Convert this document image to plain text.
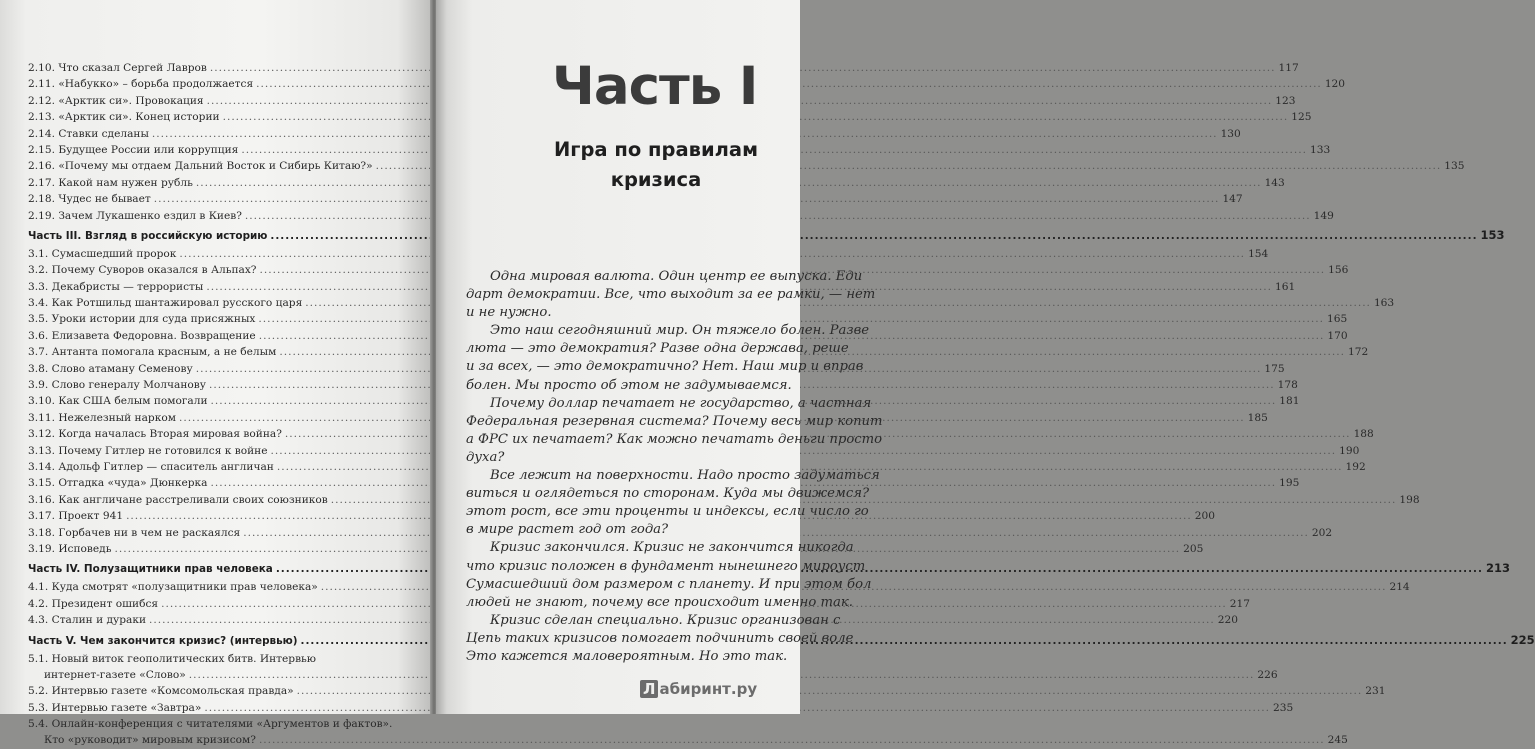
2.10. Что сказал Сергей Лавров .....	117
2.11. «Набукко» – борьба продолжается .....	120
2.12. «Арктик си». Провокация .....	123
2.13. «Арктик си». Конец истории .....	125
2.14. Ставки сделаны .....	130
2.15. Будущее России или коррупция .....	133
2.16. «Почему мы отдаем Дальний Восток и Сибирь Китаю?» .....	135
2.17. Какой нам нужен рубль .....	143
2.18. Чудес не бывает .....	147
2.19. Зачем Лукашенко ездил в Киев? .....	149
Часть III. Взгляд в российскую историю .....	153
3.1. Сумасшедший пророк .....	154
3.2. Почему Суворов оказался в Альпах? .....	156
3.3. Декабристы — террористы .....	161
3.4. Как Ротшильд шантажировал русского царя .....	163
3.5. Уроки истории для суда присяжных .....	165
3.6. Елизавета Федоровна. Возвращение .....	170
3.7. Антанта помогала красным, а не белым .....	172
3.8. Слово атаману Семенову .....	175
3.9. Слово генералу Молчанову .....	178
3.10. Как США белым помогали .....	181
3.11. Нежелезный нарком .....	185
3.12. Когда началась Вторая мировая война? .....	188
3.13. Почему Гитлер не готовился к войне .....	190
3.14. Адольф Гитлер — спаситель англичан .....	192
3.15. Отгадка «чуда» Дюнкерка .....	195
3.16. Как англичане расстреливали своих союзников .....	198
3.17. Проект 941 .....	200
3.18. Горбачев ни в чем не раскаялся .....	202
3.19. Исповедь .....	205
Часть IV. Полузащитники прав человека .....	213
4.1. Куда смотрят «полузащитники прав человека» .....	214
4.2. Президент ошибся .....	217
4.3. Сталин и дураки .....	220
Часть V. Чем закончится кризис? (интервью) .....	225
5.1. Новый виток геополитических битв. Интервью
интернет-газете «Слово» .....	226
5.2. Интервью газете «Комсомольская правда» .....	231
5.3. Интервью газете «Завтра» .....	235
5.4. Онлайн-конференция с читателями «Аргументов и фактов».
Кто «руководит» мировым кризисом? .....	245
Часть I
Игра по правилам
кризиса
Одна мировая валюта. Один центр ее выпуска. Еди
дарт демократии. Все, что выходит за ее рамки, — нет
и не нужно.
Это наш сегодняшний мир. Он тяжело болен. Разве
люта — это демократия? Разве одна держава, реше
и за всех, — это демократично? Нет. Наш мир и вправ
болен. Мы просто об этом не задумываемся.
Почему доллар печатает не государство, а частная
Федеральная резервная система? Почему весь мир копит
а ФРС их печатает? Как можно печатать деньги просто
духа?
Все лежит на поверхности. Надо просто задуматься
виться и оглядеться по сторонам. Куда мы движемся?
этот рост, все эти проценты и индексы, если число го
в мире растет год от года?
Кризис закончился. Кризис не закончится никогда
что кризис положен в фундамент нынешнего мироуст
Сумасшедший дом размером с планету. И при этом бол
людей не знают, почему все происходит именно так.
Кризис сделан специально. Кризис организован с
Цепь таких кризисов помогает подчинить своей воле
Это кажется маловероятным. Но это так.
Л абиринт.ру
